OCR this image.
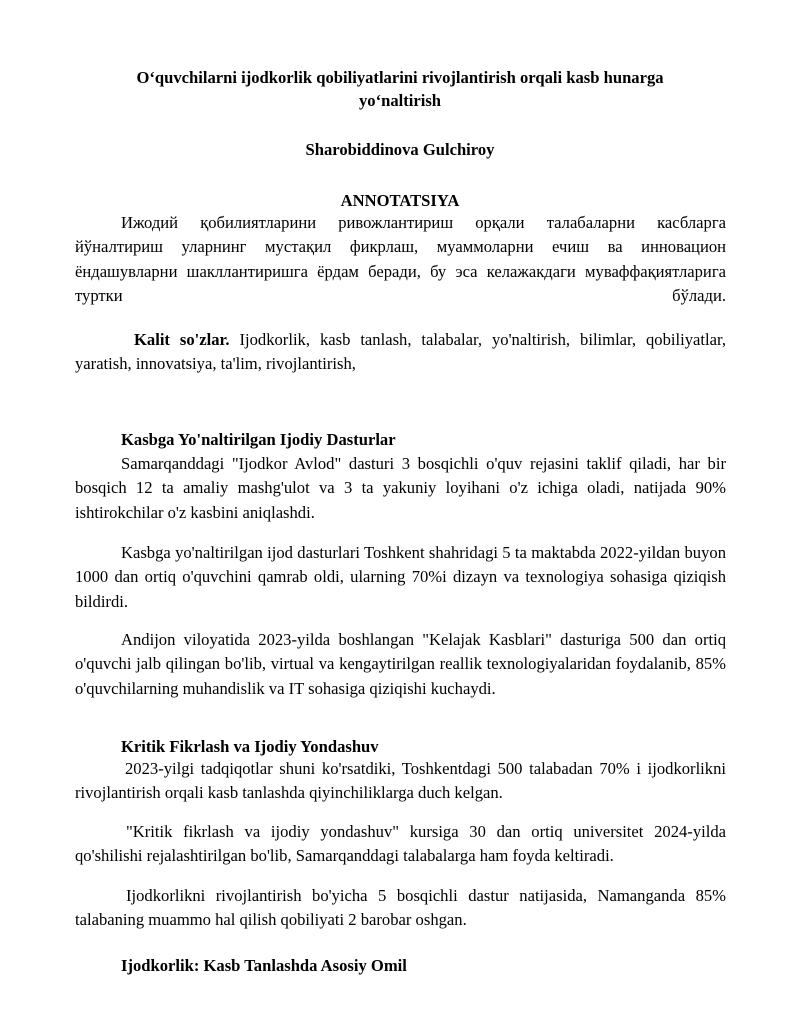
O‘quvchilarni ijodkorlik qobiliyatlarini rivojlantirish orqali kasb hunarga yo‘naltirish
Sharobiddinova Gulchiroy
ANNOTATSIYA

Ижодий қобилиятларини ривожлантириш орқали талабаларни касбларга йўналтириш уларнинг мустақил фикрлаш, муаммоларни ечиш ва инновацион ёндашувларни шакллантиришга ёрдам беради, бу эса келажакдаги муваффақиятларига туртки бўлади.

Kalit so'zlar. Ijodkorlik, kasb tanlash, talabalar, yo'naltirish, bilimlar, qobiliyatlar, yaratish, innovatsiya, ta'lim, rivojlantirish,

Kasbga Yo'naltirilgan Ijodiy Dasturlar

Samarqanddagi "Ijodkor Avlod" dasturi 3 bosqichli o'quv rejasini taklif qiladi, har bir bosqich 12 ta amaliy mashg'ulot va 3 ta yakuniy loyihani o'z ichiga oladi, natijada 90% ishtirokchilar o'z kasbini aniqlashdi.

Kasbga yo'naltirilgan ijod dasturlari Toshkent shahridagi 5 ta maktabda 2022-yildan buyon 1000 dan ortiq o'quvchini qamrab oldi, ularning 70%i dizayn va texnologiya sohasiga qiziqish bildirdi.

Andijon viloyatida 2023-yilda boshlangan "Kelajak Kasblari" dasturiga 500 dan ortiq o'quvchi jalb qilingan bo'lib, virtual va kengaytirilgan reallik texnologiyalaridan foydalanib, 85% o'quvchilarning muhandislik va IT sohasiga qiziqishi kuchaydi.

Kritik Fikrlash va Ijodiy Yondashuv

2023-yilgi tadqiqotlar shuni ko'rsatdiki, Toshkentdagi 500 talabadan 70% i ijodkorlikni rivojlantirish orqali kasb tanlashda qiyinchiliklarga duch kelgan.

"Kritik fikrlash va ijodiy yondashuv" kursiga 30 dan ortiq universitet 2024-yilda qo'shilishi rejalashtirilgan bo'lib, Samarqanddagi talabalarga ham foyda keltiradi.

Ijodkorlikni rivojlantirish bo'yicha 5 bosqichli dastur natijasida, Namanganda 85% talabaning muammo hal qilish qobiliyati 2 barobar oshgan.

Ijodkorlik: Kasb Tanlashda Asosiy Omil
